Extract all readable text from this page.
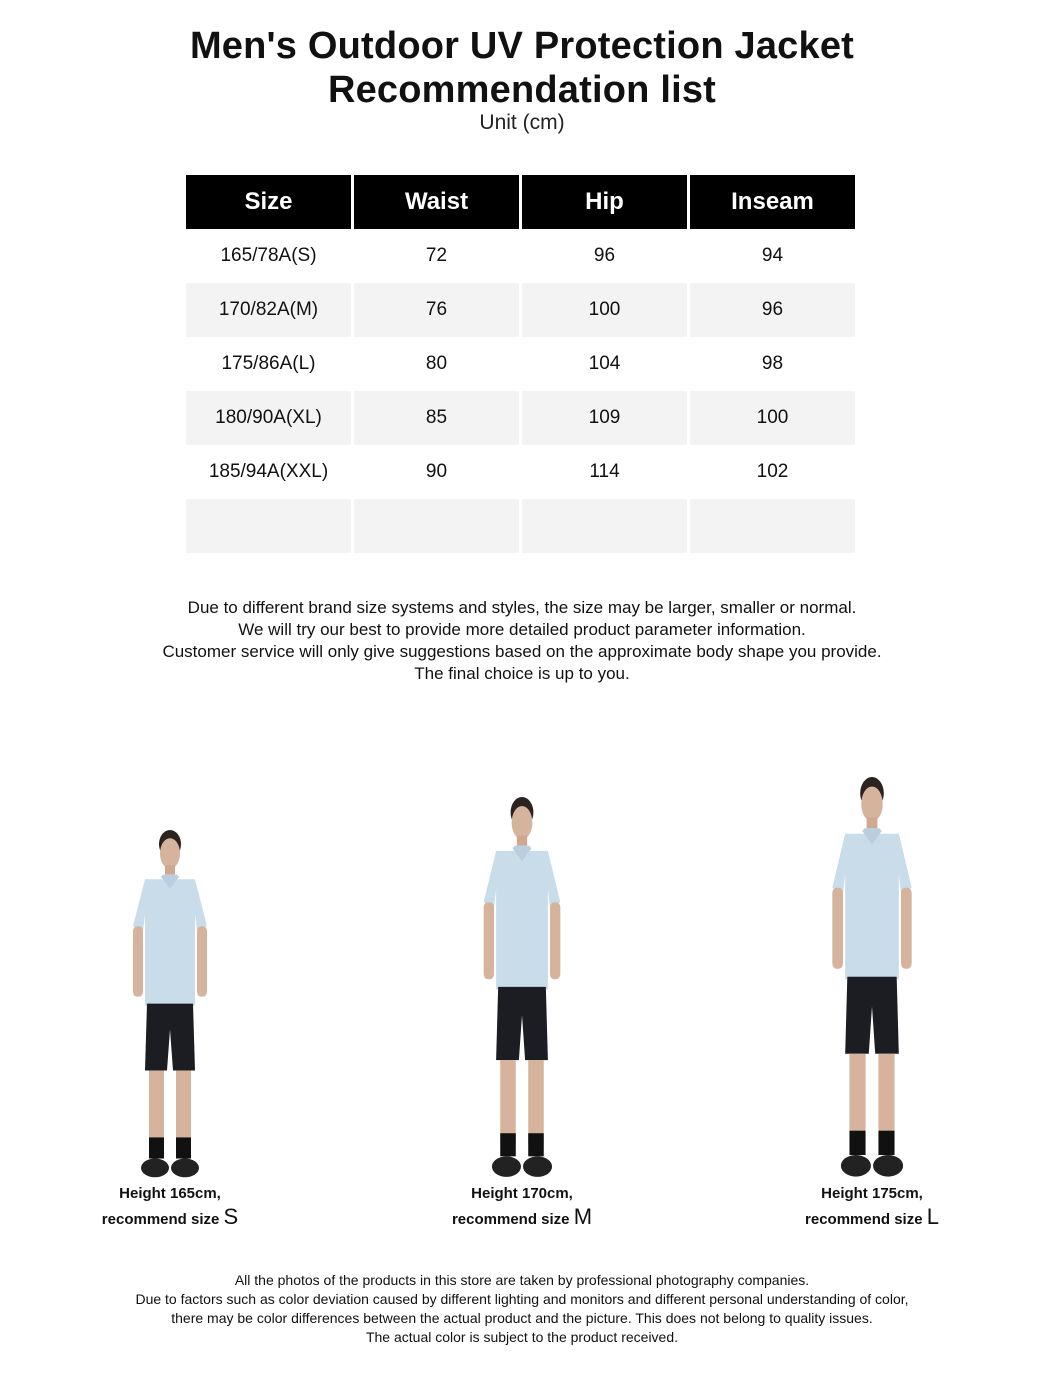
Men's Outdoor UV Protection Jacket
Recommendation list
Unit (cm)
Size	Waist	Hip	Inseam
165/78A(S)	72	96	94
170/82A(M)	76	100	96
175/86A(L)	80	104	98
180/90A(XL)	85	109	100
185/94A(XXL)	90	114	102

Due to different brand size systems and styles, the size may be larger, smaller or normal.
We will try our best to provide more detailed product parameter information.
Customer service will only give suggestions based on the approximate body shape you provide.
The final choice is up to you.
Height 165cm,
recommend size S
Height 170cm,
recommend size M
Height 175cm,
recommend size L
All the photos of the products in this store are taken by professional photography companies.
Due to factors such as color deviation caused by different lighting and monitors and different personal understanding of color,
there may be color differences between the actual product and the picture. This does not belong to quality issues.
The actual color is subject to the product received.
